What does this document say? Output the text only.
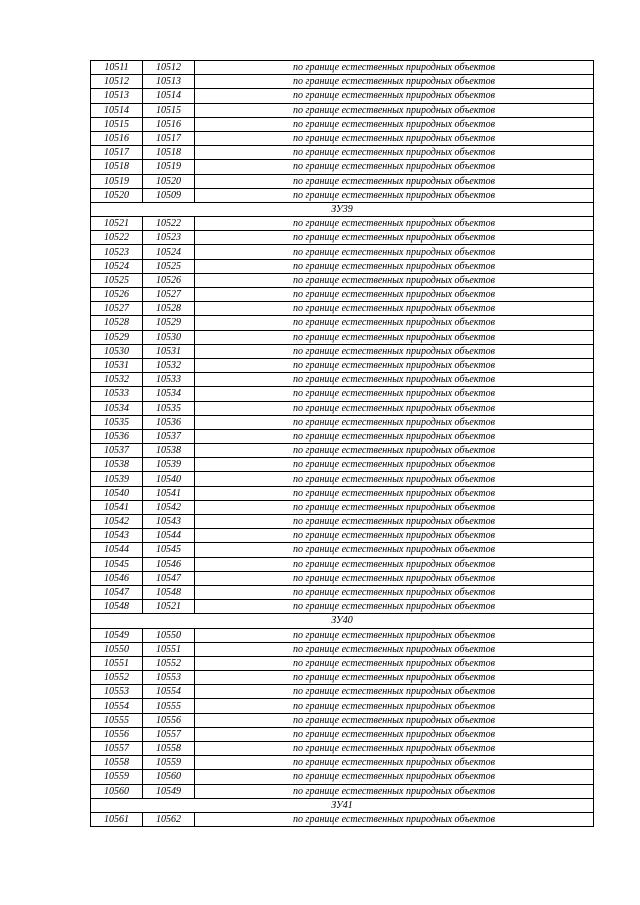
10511	10512	по границе естественных природных объектов
10512	10513	по границе естественных природных объектов
10513	10514	по границе естественных природных объектов
10514	10515	по границе естественных природных объектов
10515	10516	по границе естественных природных объектов
10516	10517	по границе естественных природных объектов
10517	10518	по границе естественных природных объектов
10518	10519	по границе естественных природных объектов
10519	10520	по границе естественных природных объектов
10520	10509	по границе естественных природных объектов
ЗУ39		
10521	10522	по границе естественных природных объектов
10522	10523	по границе естественных природных объектов
10523	10524	по границе естественных природных объектов
10524	10525	по границе естественных природных объектов
10525	10526	по границе естественных природных объектов
10526	10527	по границе естественных природных объектов
10527	10528	по границе естественных природных объектов
10528	10529	по границе естественных природных объектов
10529	10530	по границе естественных природных объектов
10530	10531	по границе естественных природных объектов
10531	10532	по границе естественных природных объектов
10532	10533	по границе естественных природных объектов
10533	10534	по границе естественных природных объектов
10534	10535	по границе естественных природных объектов
10535	10536	по границе естественных природных объектов
10536	10537	по границе естественных природных объектов
10537	10538	по границе естественных природных объектов
10538	10539	по границе естественных природных объектов
10539	10540	по границе естественных природных объектов
10540	10541	по границе естественных природных объектов
10541	10542	по границе естественных природных объектов
10542	10543	по границе естественных природных объектов
10543	10544	по границе естественных природных объектов
10544	10545	по границе естественных природных объектов
10545	10546	по границе естественных природных объектов
10546	10547	по границе естественных природных объектов
10547	10548	по границе естественных природных объектов
10548	10521	по границе естественных природных объектов
ЗУ40		
10549	10550	по границе естественных природных объектов
10550	10551	по границе естественных природных объектов
10551	10552	по границе естественных природных объектов
10552	10553	по границе естественных природных объектов
10553	10554	по границе естественных природных объектов
10554	10555	по границе естественных природных объектов
10555	10556	по границе естественных природных объектов
10556	10557	по границе естественных природных объектов
10557	10558	по границе естественных природных объектов
10558	10559	по границе естественных природных объектов
10559	10560	по границе естественных природных объектов
10560	10549	по границе естественных природных объектов
ЗУ41		
10561	10562	по границе естественных природных объектов
